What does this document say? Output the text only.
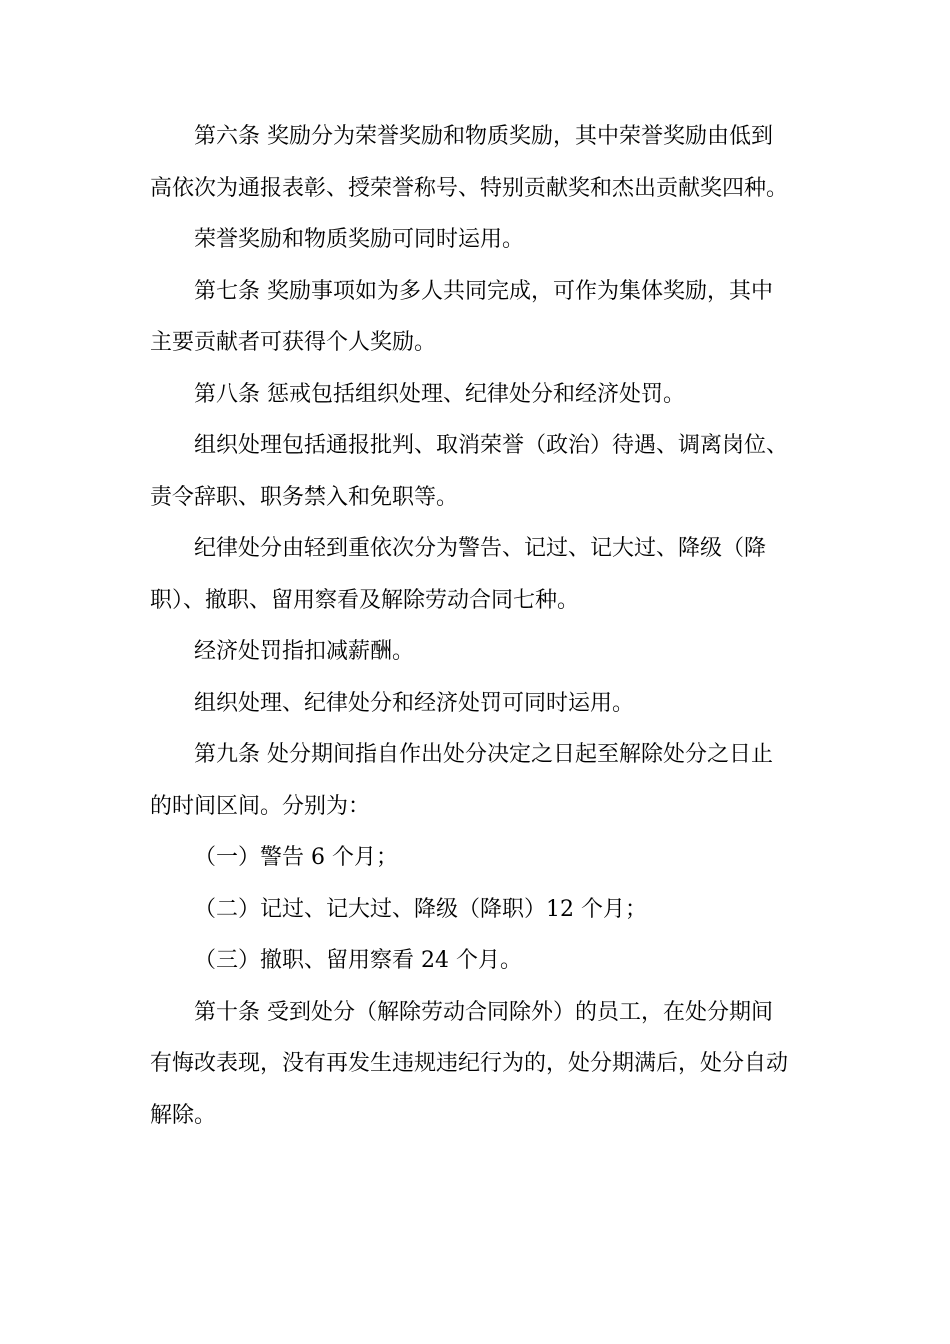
第六条 奖励分为荣誉奖励和物质奖励，其中荣誉奖励由低到
高依次为通报表彰、授荣誉称号、特别贡献奖和杰出贡献奖四种。

荣誉奖励和物质奖励可同时运用。

第七条 奖励事项如为多人共同完成，可作为集体奖励，其中
主要贡献者可获得个人奖励。

第八条 惩戒包括组织处理、纪律处分和经济处罚。

组织处理包括通报批判、取消荣誉（政治）待遇、调离岗位、
责令辞职、职务禁入和免职等。

纪律处分由轻到重依次分为警告、记过、记大过、降级（降
职）、撤职、留用察看及解除劳动合同七种。

经济处罚指扣减薪酬。

组织处理、纪律处分和经济处罚可同时运用。

第九条 处分期间指自作出处分决定之日起至解除处分之日止
的时间区间。分别为：

（一）警告 6 个月；

（二）记过、记大过、降级（降职）12 个月；

（三）撤职、留用察看 24 个月。

第十条 受到处分（解除劳动合同除外）的员工，在处分期间
有悔改表现，没有再发生违规违纪行为的，处分期满后，处分自动
解除。
